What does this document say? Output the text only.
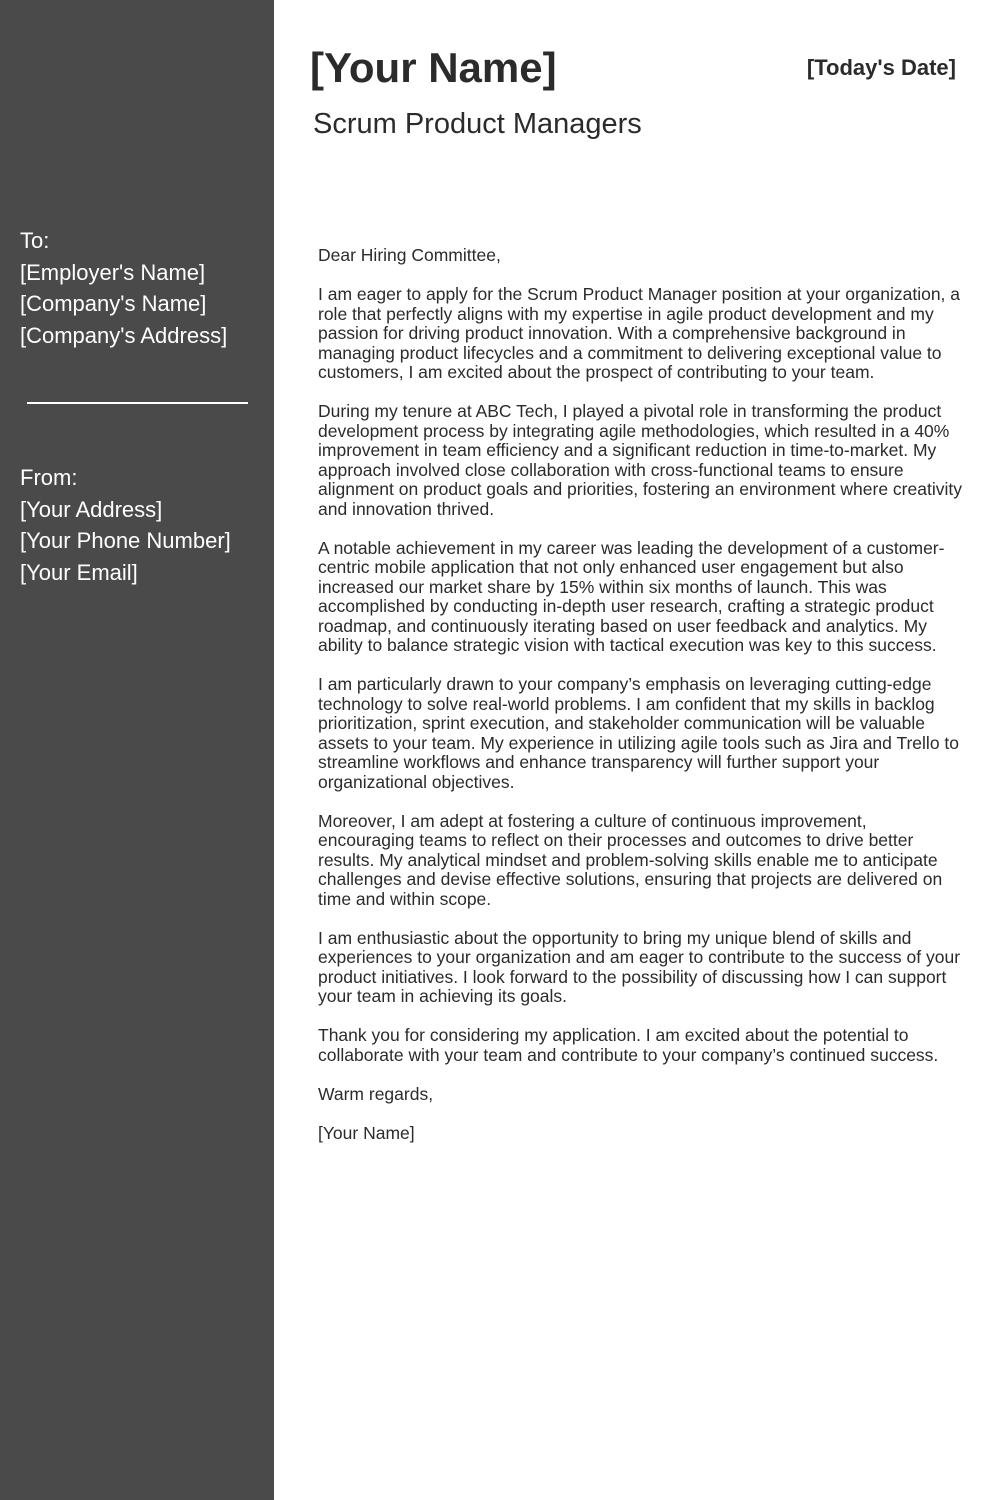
To:

[Employer's Name]

[Company's Name]

[Company's Address]

From:

[Your Address]

[Your Phone Number]

[Your Email]

[Your Name]	[Today's Date]
Scrum Product Managers

Dear Hiring Committee,

I am eager to apply for the Scrum Product Manager position at your organization, a role that perfectly aligns with my expertise in agile product development and my passion for driving product innovation. With a comprehensive background in managing product lifecycles and a commitment to delivering exceptional value to customers, I am excited about the prospect of contributing to your team.

During my tenure at ABC Tech, I played a pivotal role in transforming the product development process by integrating agile methodologies, which resulted in a 40% improvement in team efficiency and a significant reduction in time-to-market. My approach involved close collaboration with cross-functional teams to ensure alignment on product goals and priorities, fostering an environment where creativity and innovation thrived.

A notable achievement in my career was leading the development of a customer-centric mobile application that not only enhanced user engagement but also increased our market share by 15% within six months of launch. This was accomplished by conducting in-depth user research, crafting a strategic product roadmap, and continuously iterating based on user feedback and analytics. My ability to balance strategic vision with tactical execution was key to this success.

I am particularly drawn to your company’s emphasis on leveraging cutting-edge technology to solve real-world problems. I am confident that my skills in backlog prioritization, sprint execution, and stakeholder communication will be valuable assets to your team. My experience in utilizing agile tools such as Jira and Trello to streamline workflows and enhance transparency will further support your organizational objectives.

Moreover, I am adept at fostering a culture of continuous improvement, encouraging teams to reflect on their processes and outcomes to drive better results. My analytical mindset and problem-solving skills enable me to anticipate challenges and devise effective solutions, ensuring that projects are delivered on time and within scope.

I am enthusiastic about the opportunity to bring my unique blend of skills and experiences to your organization and am eager to contribute to the success of your product initiatives. I look forward to the possibility of discussing how I can support your team in achieving its goals.

Thank you for considering my application. I am excited about the potential to collaborate with your team and contribute to your company’s continued success.

Warm regards,

[Your Name]
